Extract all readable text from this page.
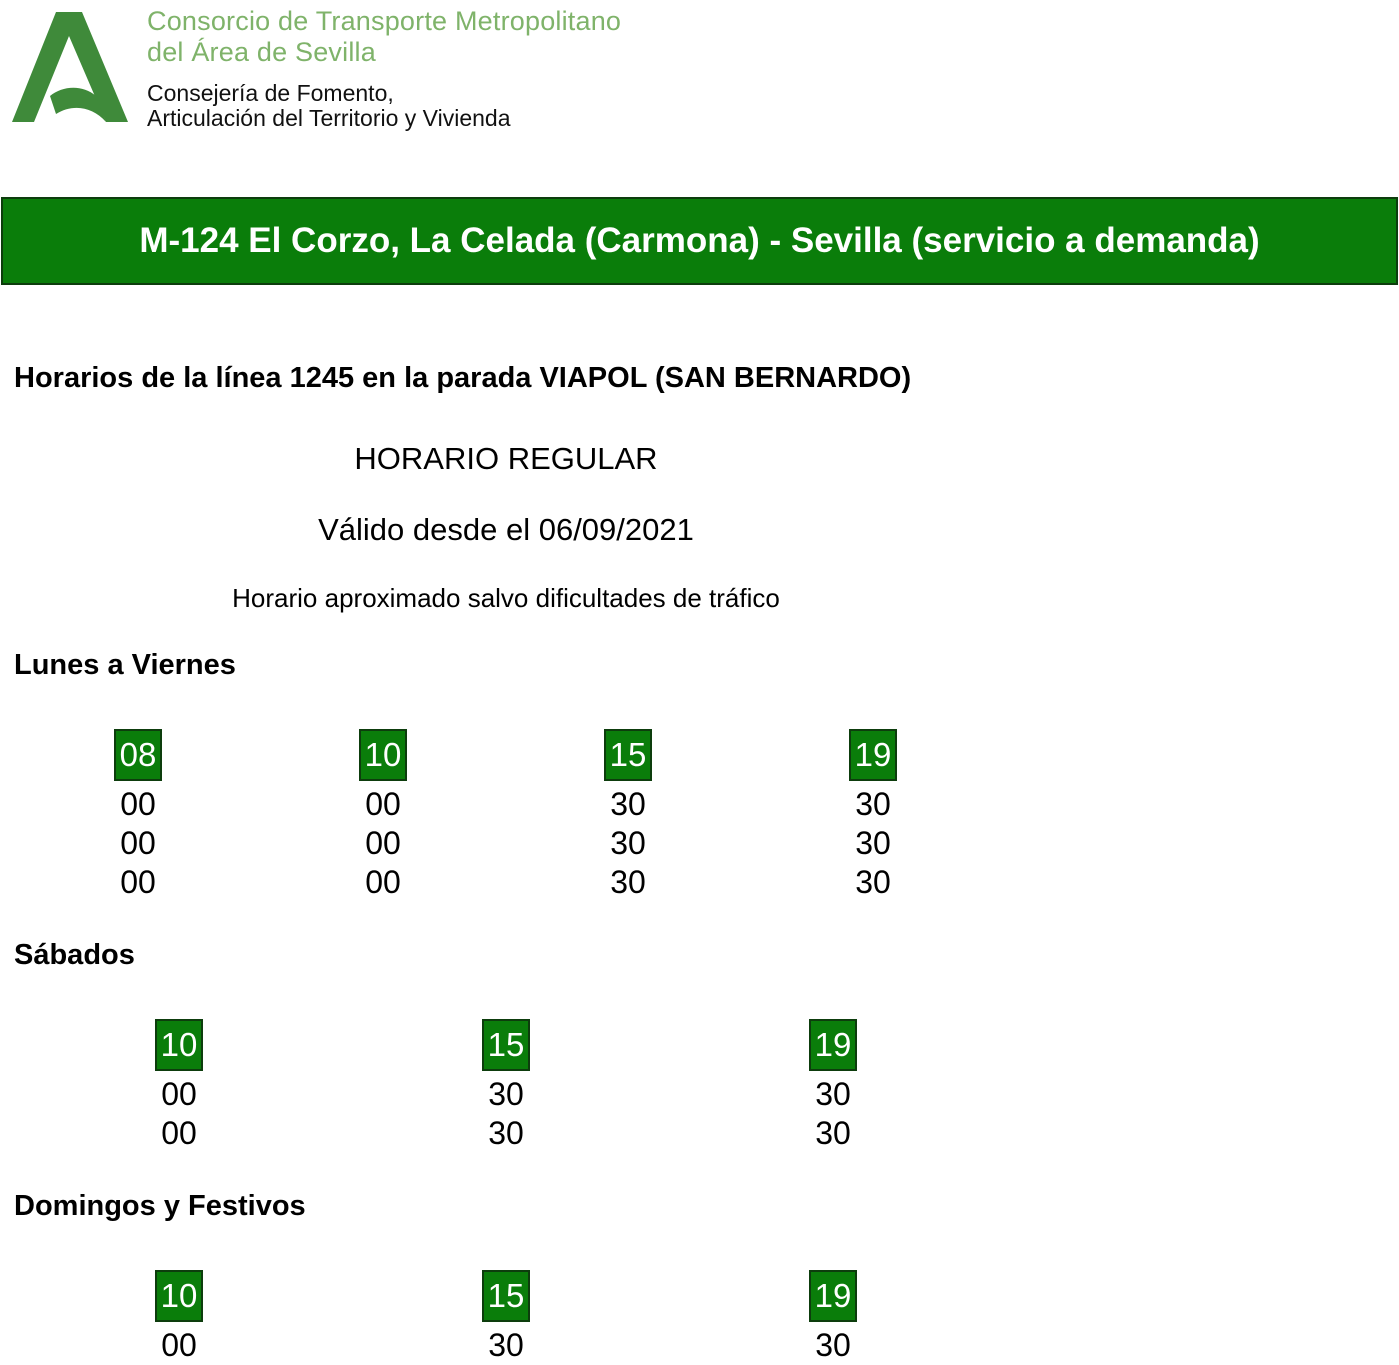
Consorcio de Transporte Metropolitano
del Área de Sevilla
Consejería de Fomento,
Articulación del Territorio y Vivienda
M-124 El Corzo, La Celada (Carmona) - Sevilla (servicio a demanda)
Horarios de la línea 1245 en la parada VIAPOL (SAN BERNARDO)
HORARIO REGULAR
Válido desde el 06/09/2021
Horario aproximado salvo dificultades de tráfico
Lunes a Viernes
08
00
00
00
10
00
00
00
15
30
30
30
19
30
30
30
Sábados
10
00
00
15
30
30
19
30
30
Domingos y Festivos
10
00
15
30
19
30
